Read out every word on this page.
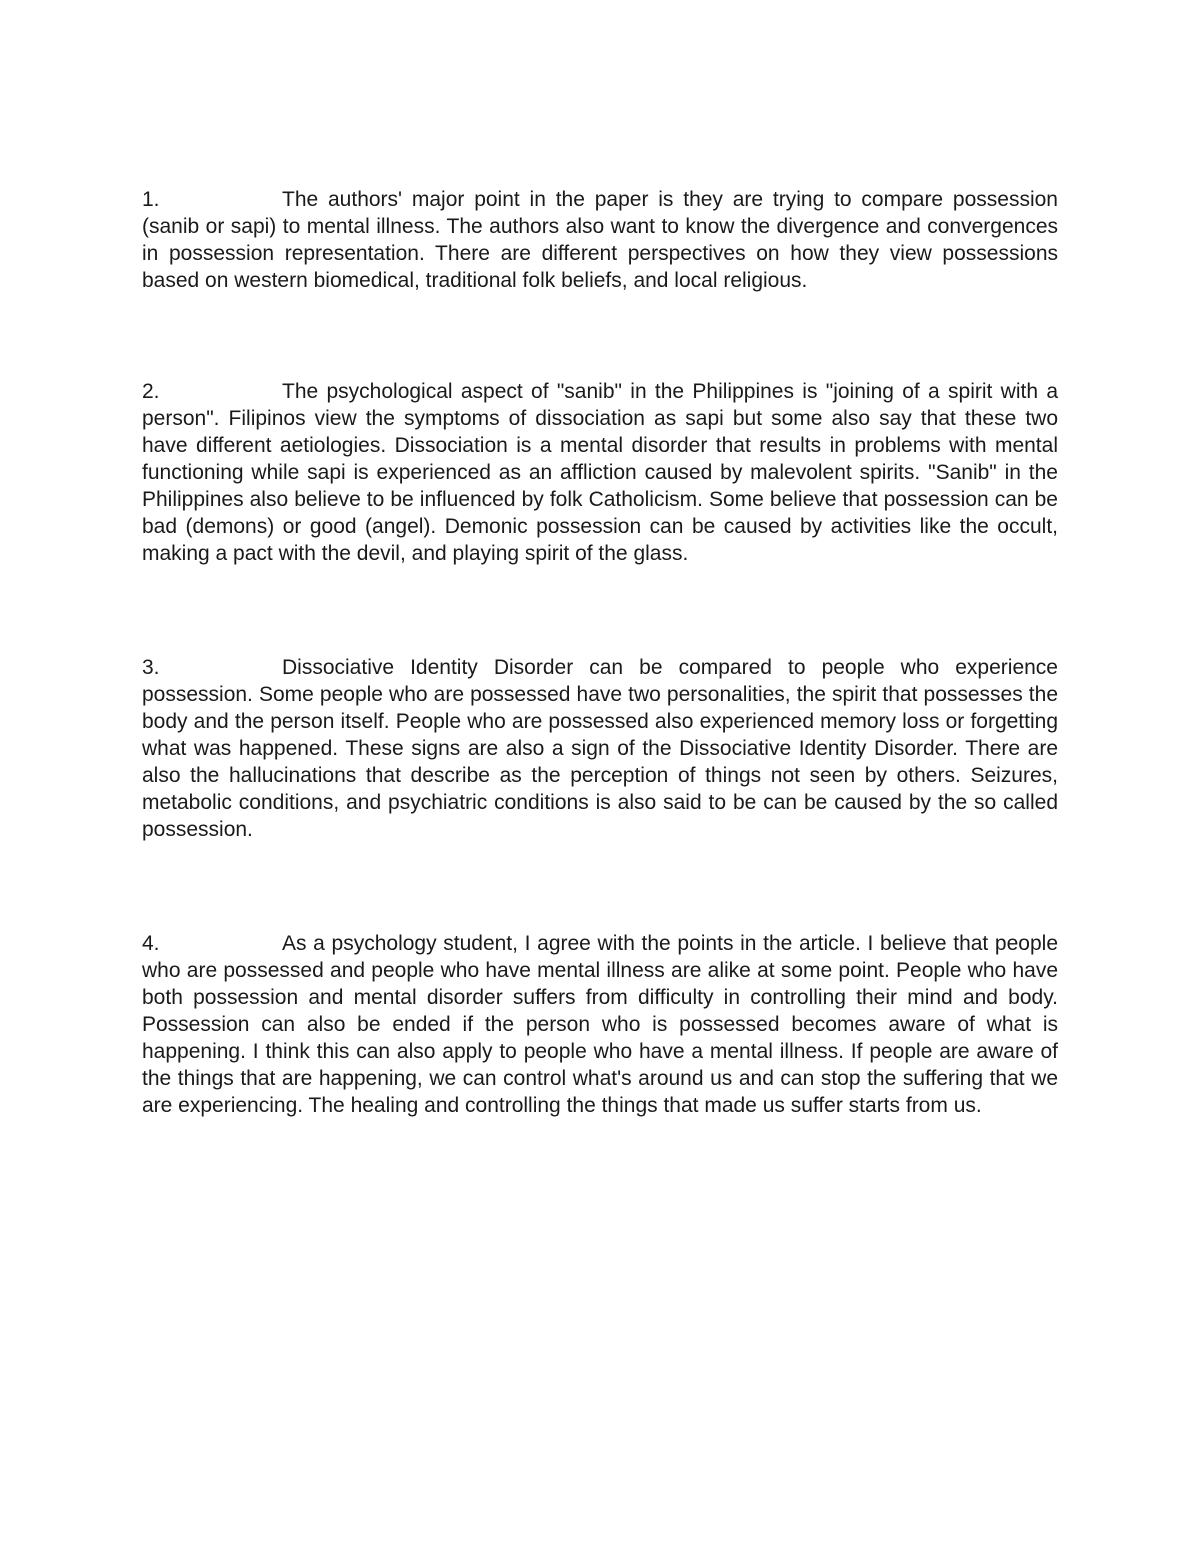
1.	The authors' major point in the paper is they are trying to compare possession (sanib or sapi) to mental illness. The authors also want to know the divergence and convergences in possession representation. There are different perspectives on how they view possessions based on western biomedical, traditional folk beliefs, and local religious.

2.	The psychological aspect of "sanib" in the Philippines is "joining of a spirit with a person". Filipinos view the symptoms of dissociation as sapi but some also say that these two have different aetiologies. Dissociation is a mental disorder that results in problems with mental functioning while sapi is experienced as an affliction caused by malevolent spirits. "Sanib" in the Philippines also believe to be influenced by folk Catholicism. Some believe that possession can be bad (demons) or good (angel). Demonic possession can be caused by activities like the occult, making a pact with the devil, and playing spirit of the glass.

3.	Dissociative Identity Disorder can be compared to people who experience possession. Some people who are possessed have two personalities, the spirit that possesses the body and the person itself. People who are possessed also experienced memory loss or forgetting what was happened. These signs are also a sign of the Dissociative Identity Disorder. There are also the hallucinations that describe as the perception of things not seen by others. Seizures, metabolic conditions, and psychiatric conditions is also said to be can be caused by the so called possession.

4.	As a psychology student, I agree with the points in the article. I believe that people who are possessed and people who have mental illness are alike at some point. People who have both possession and mental disorder suffers from difficulty in controlling their mind and body. Possession can also be ended if the person who is possessed becomes aware of what is happening. I think this can also apply to people who have a mental illness. If people are aware of the things that are happening, we can control what's around us and can stop the suffering that we are experiencing. The healing and controlling the things that made us suffer starts from us.
